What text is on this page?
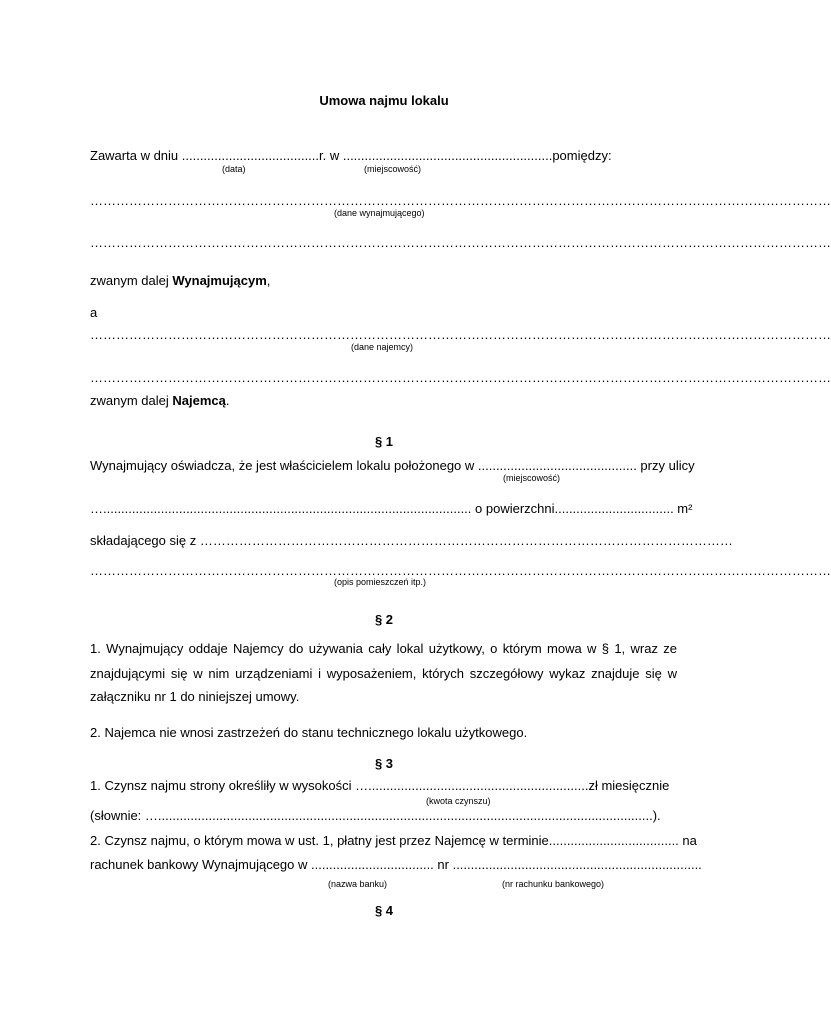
Umowa najmu lokalu
Zawarta w dniu ......................................r. w ..........................................................pomiędzy:
(data)	(miejscowość)
………………………………………………………………………………………………………………………………………………………
(dane wynajmującego)
………………………………………………………………………………………………………………………………………………………
zwanym dalej Wynajmującym,
a
………………………………………………………………………………………………………………………………………………………
(dane najemcy)
………………………………………………………………………………………………………………………………………………………
zwanym dalej Najemcą.
§ 1
Wynajmujący oświadcza, że jest właścicielem lokalu położonego w ............................................ przy ulicy
(miejscowość)
…...................................................................................................... o powierzchni................................. m²
składającego się z ……………………………………………………………………………………………………………
………………………………………………………………………………………………………………………………………………………
(opis pomieszczeń itp.)
§ 2
1. Wynajmujący oddaje Najemcy do używania cały lokal użytkowy, o którym mowa w § 1, wraz ze
znajdującymi się w nim urządzeniami i wyposażeniem, których szczegółowy wykaz znajduje się w
załączniku nr 1 do niniejszej umowy.
2. Najemca nie wnosi zastrzeżeń do stanu technicznego lokalu użytkowego.
§ 3
1. Czynsz najmu strony określiły w wysokości ….............................................................zł miesięcznie
(kwota czynszu)
(słownie: ….........................................................................................................................................).
2. Czynsz najmu, o którym mowa w ust. 1, płatny jest przez Najemcę w terminie.................................... na
rachunek bankowy Wynajmującego w .................................. nr .....................................................................
(nazwa banku)	(nr rachunku bankowego)
§ 4
